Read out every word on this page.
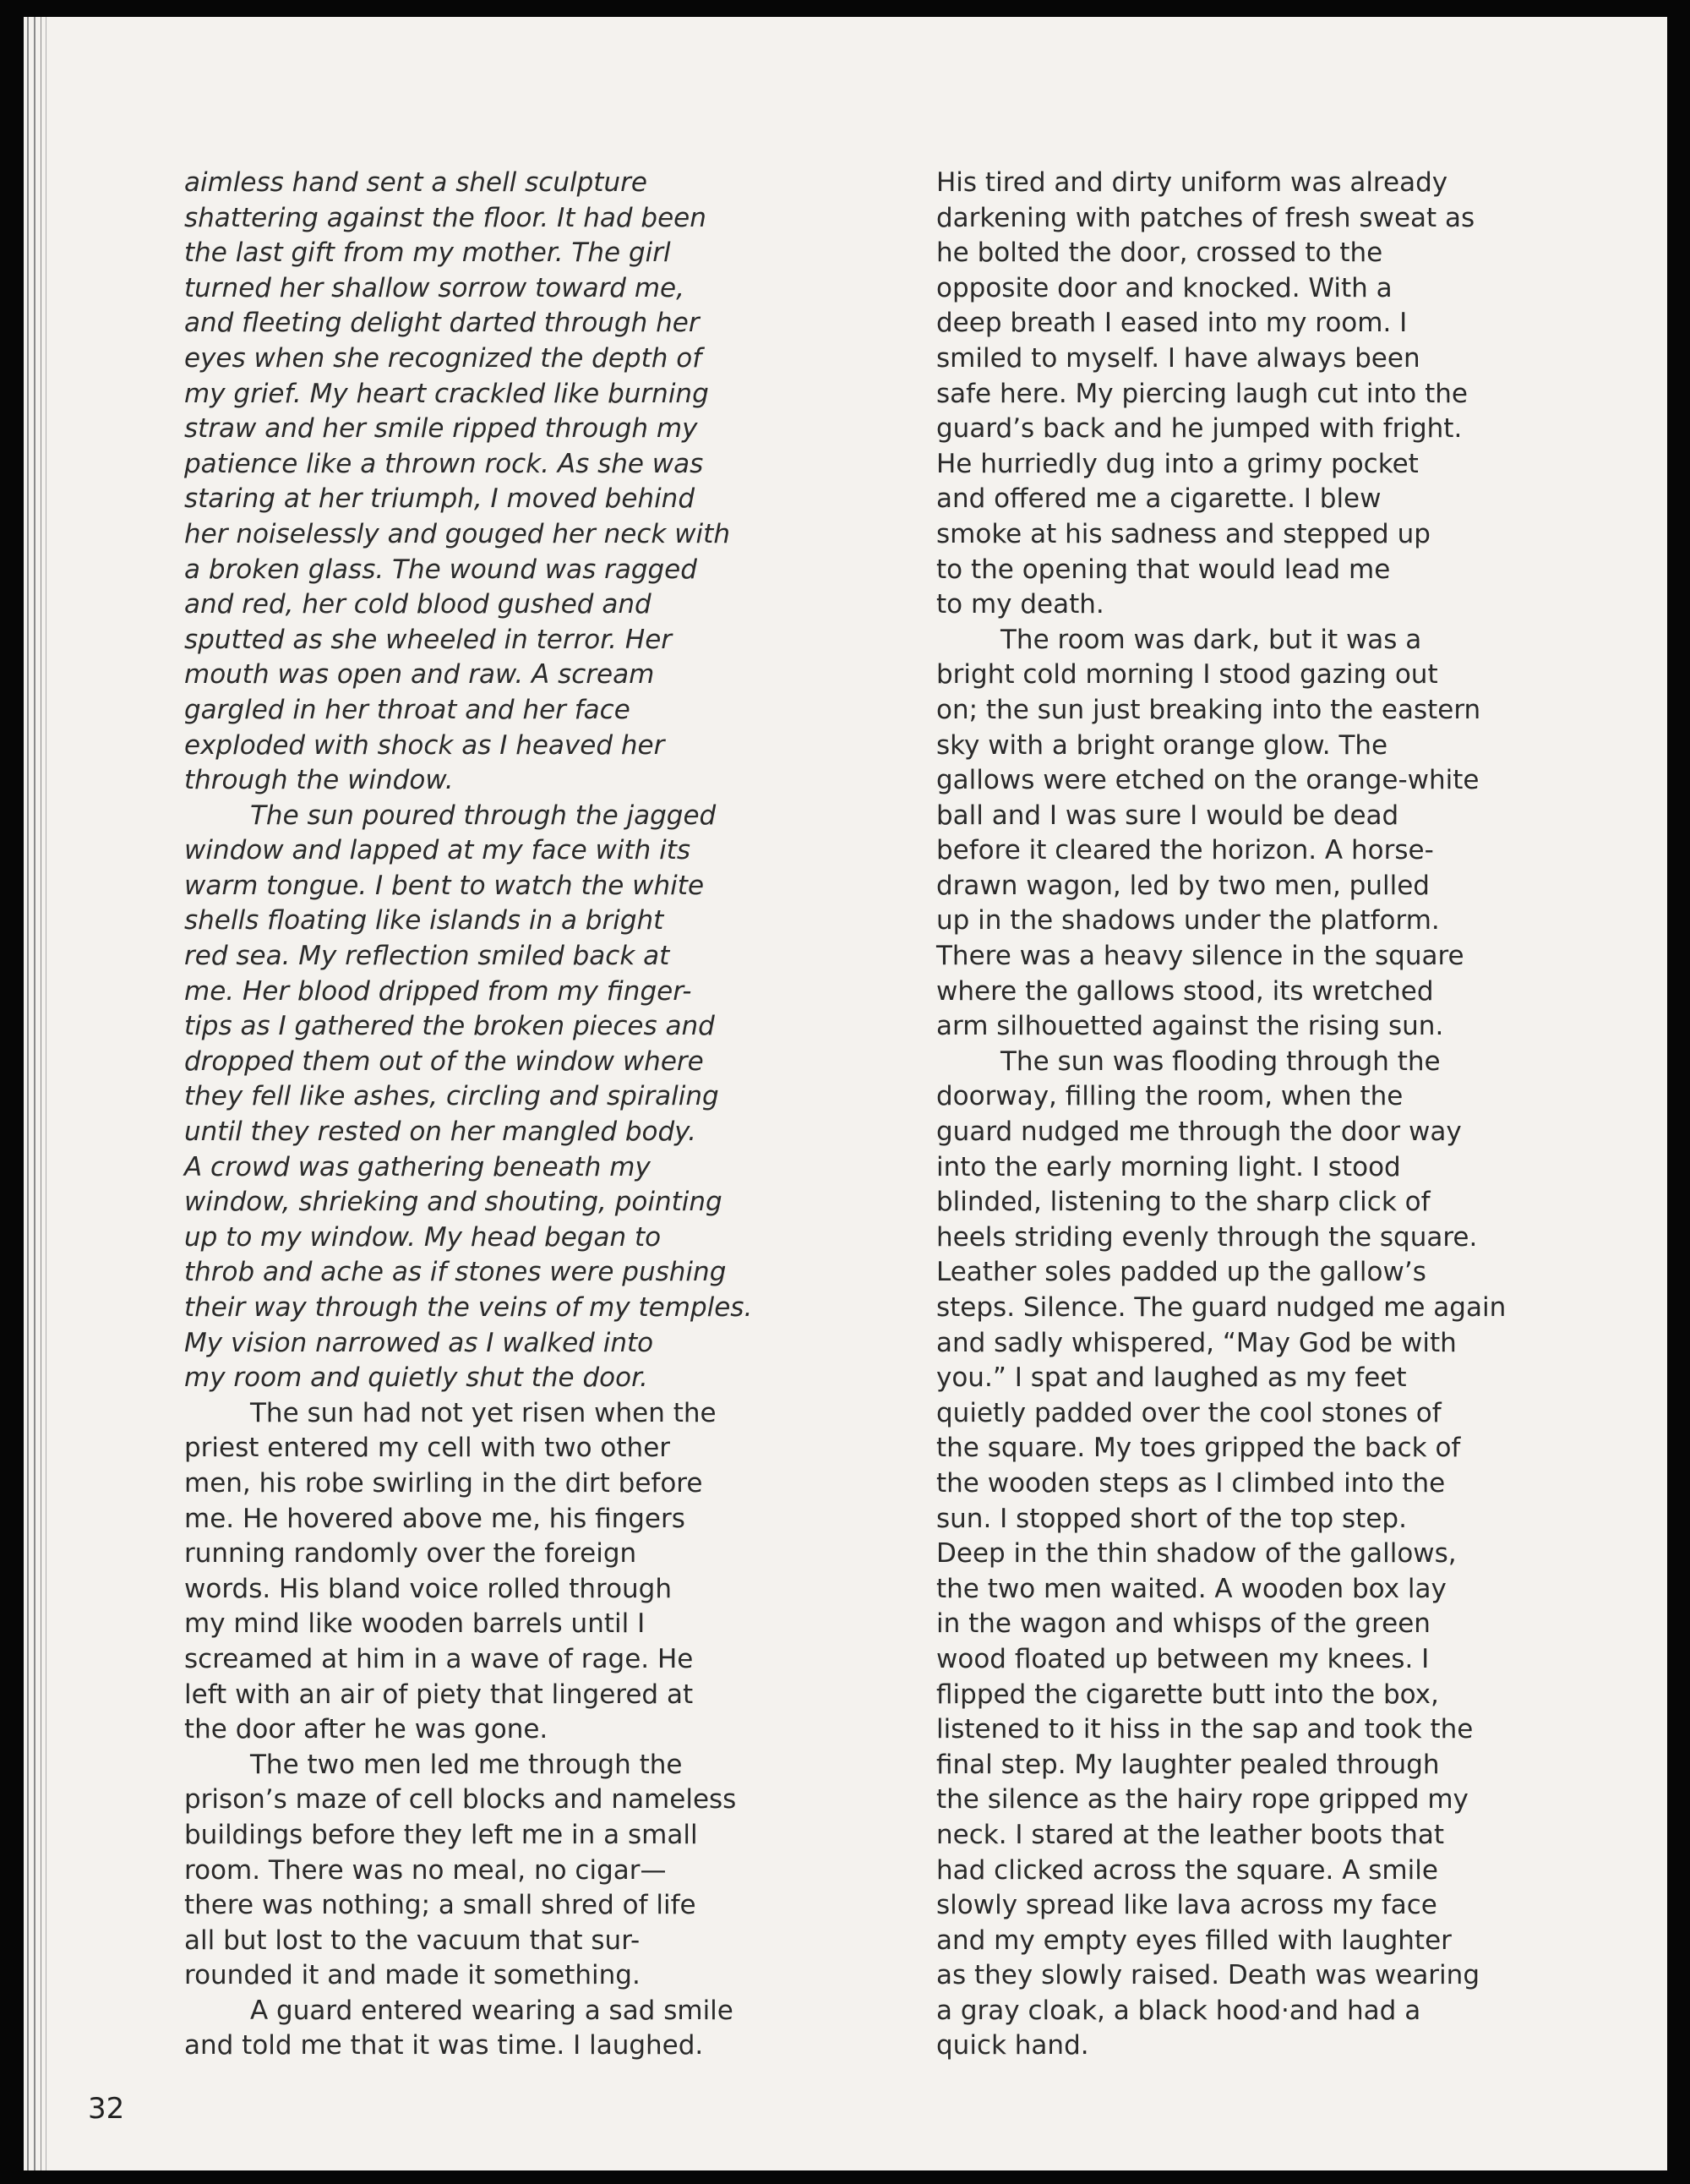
aimless hand sent a shell sculpture
shattering against the floor. It had been
the last gift from my mother. The girl
turned her shallow sorrow toward me,
and fleeting delight darted through her
eyes when she recognized the depth of
my grief. My heart crackled like burning
straw and her smile ripped through my
patience like a thrown rock. As she was
staring at her triumph, I moved behind
her noiselessly and gouged her neck with
a broken glass. The wound was ragged
and red, her cold blood gushed and
sputted as she wheeled in terror. Her
mouth was open and raw. A scream
gargled in her throat and her face
exploded with shock as I heaved her
through the window.
The sun poured through the jagged
window and lapped at my face with its
warm tongue. I bent to watch the white
shells floating like islands in a bright
red sea. My reflection smiled back at
me. Her blood dripped from my finger-
tips as I gathered the broken pieces and
dropped them out of the window where
they fell like ashes, circling and spiraling
until they rested on her mangled body.
A crowd was gathering beneath my
window, shrieking and shouting, pointing
up to my window. My head began to
throb and ache as if stones were pushing
their way through the veins of my temples.
My vision narrowed as I walked into
my room and quietly shut the door.
The sun had not yet risen when the
priest entered my cell with two other
men, his robe swirling in the dirt before
me. He hovered above me, his fingers
running randomly over the foreign
words. His bland voice rolled through
my mind like wooden barrels until I
screamed at him in a wave of rage. He
left with an air of piety that lingered at
the door after he was gone.
The two men led me through the
prison’s maze of cell blocks and nameless
buildings before they left me in a small
room. There was no meal, no cigar—
there was nothing; a small shred of life
all but lost to the vacuum that sur-
rounded it and made it something.
A guard entered wearing a sad smile
and told me that it was time. I laughed.
His tired and dirty uniform was already
darkening with patches of fresh sweat as
he bolted the door, crossed to the
opposite door and knocked. With a
deep breath I eased into my room. I
smiled to myself. I have always been
safe here. My piercing laugh cut into the
guard’s back and he jumped with fright.
He hurriedly dug into a grimy pocket
and offered me a cigarette. I blew
smoke at his sadness and stepped up
to the opening that would lead me
to my death.
The room was dark, but it was a
bright cold morning I stood gazing out
on; the sun just breaking into the eastern
sky with a bright orange glow. The
gallows were etched on the orange-white
ball and I was sure I would be dead
before it cleared the horizon. A horse-
drawn wagon, led by two men, pulled
up in the shadows under the platform.
There was a heavy silence in the square
where the gallows stood, its wretched
arm silhouetted against the rising sun.
The sun was flooding through the
doorway, filling the room, when the
guard nudged me through the door way
into the early morning light. I stood
blinded, listening to the sharp click of
heels striding evenly through the square.
Leather soles padded up the gallow’s
steps. Silence. The guard nudged me again
and sadly whispered, “May God be with
you.” I spat and laughed as my feet
quietly padded over the cool stones of
the square. My toes gripped the back of
the wooden steps as I climbed into the
sun. I stopped short of the top step.
Deep in the thin shadow of the gallows,
the two men waited. A wooden box lay
in the wagon and whisps of the green
wood floated up between my knees. I
flipped the cigarette butt into the box,
listened to it hiss in the sap and took the
final step. My laughter pealed through
the silence as the hairy rope gripped my
neck. I stared at the leather boots that
had clicked across the square. A smile
slowly spread like lava across my face
and my empty eyes filled with laughter
as they slowly raised. Death was wearing
a gray cloak, a black hood·and had a
quick hand.
32
